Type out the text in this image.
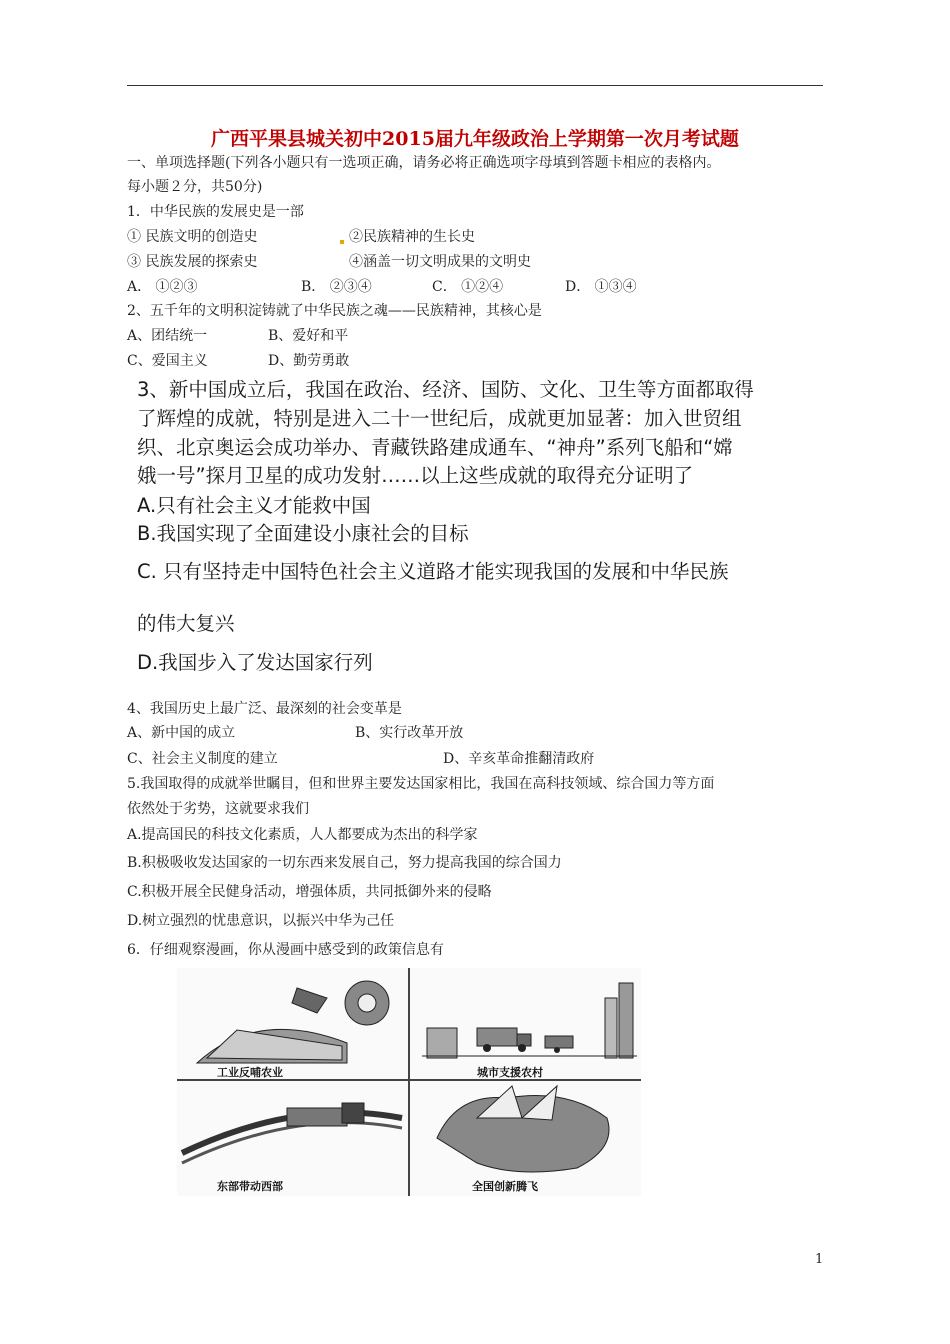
广西平果县城关初中2015届九年级政治上学期第一次月考试题
一、单项选择题(下列各小题只有一选项正确，请务必将正确选项字母填到答题卡相应的表格内。
每小题２分，共50分)
1．中华民族的发展史是一部
① 民族文明的创造史	②民族精神的生长史
③ 民族发展的探索史	④涵盖一切文明成果的文明史
A． ①②③	B． ②③④	C． ①②④	D． ①③④
2、五千年的文明积淀铸就了中华民族之魂——民族精神，其核心是
A、团结统一	B、爱好和平
C、爱国主义	D、勤劳勇敢
3、新中国成立后，我国在政治、经济、国防、文化、卫生等方面都取得
了辉煌的成就，特别是进入二十一世纪后，成就更加显著：加入世贸组
织、北京奥运会成功举办、青藏铁路建成通车、“神舟”系列飞船和“嫦
娥一号”探月卫星的成功发射……以上这些成就的取得充分证明了
A.只有社会主义才能救中国
B.我国实现了全面建设小康社会的目标
C. 只有坚持走中国特色社会主义道路才能实现我国的发展和中华民族
的伟大复兴
D.我国步入了发达国家行列
4、我国历史上最广泛、最深刻的社会变革是
A、新中国的成立	B、实行改革开放
C、社会主义制度的建立	D、辛亥革命推翻清政府
5.我国取得的成就举世瞩目，但和世界主要发达国家相比，我国在高科技领域、综合国力等方面
依然处于劣势，这就要求我们
A.提高国民的科技文化素质，人人都要成为杰出的科学家
B.积极吸收发达国家的一切东西来发展自己，努力提高我国的综合国力
C.积极开展全民健身活动，增强体质，共同抵御外来的侵略
D.树立强烈的忧患意识，以振兴中华为己任
6．仔细观察漫画，你从漫画中感受到的政策信息有
工业反哺农业	城市支援农村
东部带动西部	全国创新腾飞
1
